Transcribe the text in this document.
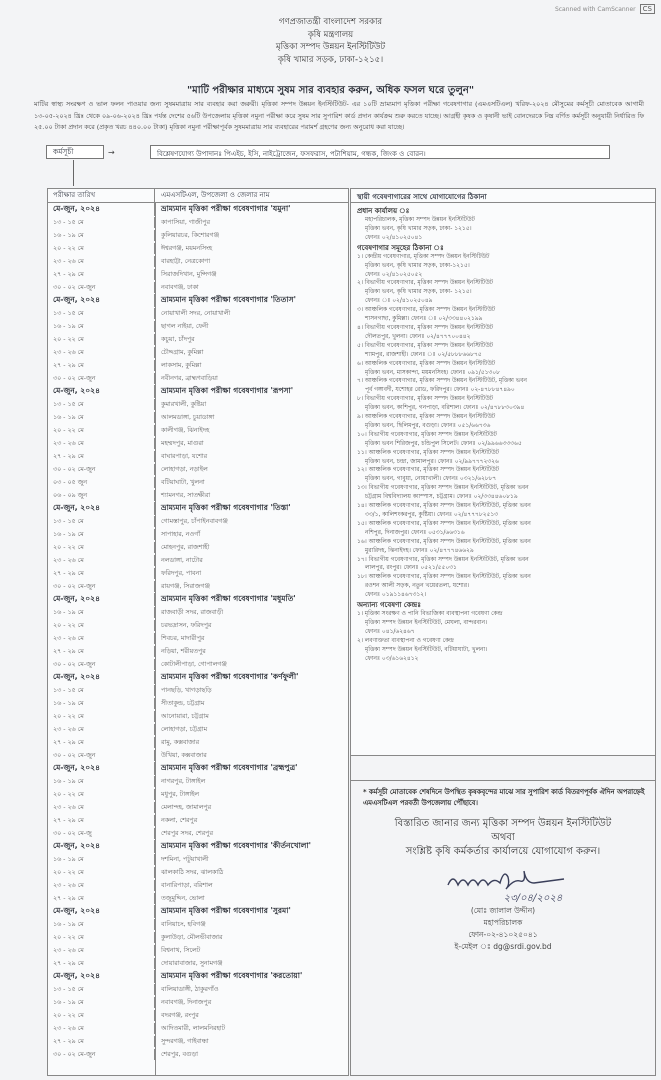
Scanned with CamScanner	CS
গণপ্রজাতন্ত্রী বাংলাদেশ সরকার
কৃষি মন্ত্রণালয়
মৃত্তিকা সম্পদ উন্নয়ন ইনস্টিটিউট
কৃষি খামার সড়ক, ঢাকা-১২১৫।
"মাটি পরীক্ষার মাধ্যমে সুষম সার ব্যবহার করুন, অধিক ফসল ঘরে তুলুন"
মাটির স্বাস্থ্য সংরক্ষণ ও ভাল ফলন পাওয়ার জন্য সুষমমাত্রায় সার ব্যবহার করা জরুরী। মৃত্তিকা সম্পদ উন্নয়ন ইনস্টিটিউট- এর ১০টি ভ্রাম্যমাণ মৃত্তিকা পরীক্ষা গবেষণাগার (এমএসটিএল) খরিফ-২০২৪ মৌসুমের কর্মসূচী মোতাবেক আগামী ১৩-০৫-২০২৪ খ্রিঃ থেকে ০৯-০৬-২০২৪ খ্রিঃ পর্যন্ত দেশের ৫৬টি উপজেলায় মৃত্তিকা নমুনা পরীক্ষা করে সুষম সার সুপারিশ কার্ড প্রদান কার্যক্রম শুরু করতে যাচ্ছে। আগ্রহী কৃষক ও কৃষানী ভাই বোনদেরকে নিম্ন বর্ণিত কর্মসূচী অনুযায়ী নির্ধারিত ফি ২৫.০০ টাকা প্রদান করে (প্রকৃত খরচ ৪৪০.০০ টাকা) মৃত্তিকা নমুনা পরীক্ষাপূর্বক সুষমমাত্রায় সার ব্যবহারের পরামর্শ গ্রহণের জন্য অনুরোধ করা যাচ্ছে।
কর্মসূচী	→	বিশ্লেষণযোগ্য উপাদানঃ পিএইচ, ইসি, নাইট্রোজেন, ফসফরাস, পটাশিয়াম, গন্ধক, জিংক ও বোরন।
পরীক্ষার তারিখ	এমএসটিএল, উপজেলা ও জেলার নাম
মে-জুন, ২০২৪	ভ্রাম্যমান মৃত্তিকা পরীক্ষা গবেষণাগার 'যমুনা'
১৩ - ১৫ মে	কাপাসিয়া, গাজীপুর
১৬ - ১৯ মে	কুলিয়ারচর, কিশোরগঞ্জ
২০ - ২২ মে	ঈশ্বরগঞ্জ, ময়মনসিংহ
২৩ - ২৬ মে	বারহাট্টা, নেত্রকোণা
২৭ - ২৯ মে	সিরাজদিখান, মুন্সিগঞ্জ
৩০ - ০২ মে-জুন	নবাবগঞ্জ, ঢাকা
মে-জুন, ২০২৪	ভ্রাম্যমান মৃত্তিকা পরীক্ষা গবেষণাগার 'তিতাস'
১৩ - ১৫ মে	নোয়াখালী সদর, নোয়াখালী
১৬ - ১৯ মে	ছাগল নাইয়া, ফেনী
২০ - ২২ মে	কচুয়া, চাঁদপুর
২৩ - ২৬ মে	চৌদ্দগ্রাম, কুমিল্লা
২৭ - ২৯ মে	লাকসাম, কুমিল্লা
৩০ - ০২ মে-জুন	নবীনগর, ব্রাহ্মণবাড়িয়া
মে-জুন, ২০২৪	ভ্রাম্যমান মৃত্তিকা পরীক্ষা গবেষণাগার 'রূপসা'
১৩ - ১৫ মে	কুমারখালী, কুষ্টিয়া
১৬ - ১৯ মে	আলমডাঙ্গা, চুয়াডাঙ্গা
২০ - ২২ মে	কালীগঞ্জ, ঝিনাইদহ
২৩ - ২৬ মে	মহম্মদপুর, মাগুরা
২৭ - ২৯ মে	বাঘারপাড়া, যশোর
৩০ - ০২ মে-জুন	লোহাগড়া, নড়াইল
০৩ - ০৫ জুন	বটিয়াঘাটা, খুলনা
০৬ - ০৯ জুন	শ্যামনগর, সাতক্ষীরা
মে-জুন, ২০২৪	ভ্রাম্যমান মৃত্তিকা পরীক্ষা গবেষণাগার 'তিস্তা'
১৩ - ১৫ মে	গোমস্তাপুর, চাঁপাইনবাবগঞ্জ
১৬ - ১৯ মে	সাপাহার, নওগাঁ
২০ - ২২ মে	মোহনপুর, রাজশাহী
২৩ - ২৬ মে	নলডাঙ্গা, নাটোর
২৭ - ২৯ মে	ফরিদপুর, পাবনা
৩০ - ০২ মে-জুন	রায়গঞ্জ, সিরাজগঞ্জ
মে-জুন, ২০২৪	ভ্রাম্যমান মৃত্তিকা পরীক্ষা গবেষণাগার 'মধুমতি'
১৬ - ১৯ মে	রাজবাড়ী সদর, রাজবাড়ী
২০ - ২২ মে	চরভদ্রাসন, ফরিদপুর
২৩ - ২৬ মে	শিবচর, মাদারীপুর
২৭ - ২৯ মে	নড়িয়া, শরীয়তপুর
৩০ - ০২ মে-জুন	কোটালীপাড়া, গোপালগঞ্জ
মে-জুন, ২০২৪	ভ্রাম্যমান মৃত্তিকা পরীক্ষা গবেষণাগার 'কর্ণফুলী'
১৩ - ১৫ মে	পানছড়ি, খাগড়াছড়ি
১৬ - ১৯ মে	সীতাকুন্ড, চট্টগ্রাম
২০ - ২২ মে	আনোয়ারা, চট্টগ্রাম
২৩ - ২৬ মে	লোহাগড়া, চট্টগ্রাম
২৭ - ২৯ মে	রামু, কক্সবাজার
৩০ - ০২ মে-জুন	উখিয়া, কক্সবাজার
মে-জুন, ২০২৪	ভ্রাম্যমান মৃত্তিকা পরীক্ষা গবেষণাগার 'ব্রহ্মপুত্র'
১৬ - ১৯ মে	নাগরপুর, টাঙ্গাইল
২০ - ২২ মে	মধুপুর, টাঙ্গাইল
২৩ - ২৬ মে	মেলান্দহ, জামালপুর
২৭ - ২৯ মে	নকলা, শেরপুর
৩০ - ০২ মে-জু	শেরপুর সদর, শেরপুর
মে-জুন, ২০২৪	ভ্রাম্যমান মৃত্তিকা পরীক্ষা গবেষণাগার 'কীর্তনখোলা'
১৬ - ১৯ মে	দশমিনা, পটুয়াখালী
২০ - ২২ মে	ঝালকাঠি সদর, ঝালকাঠি
২৩ - ২৬ মে	বানারিপাড়া, বরিশাল
২৭ - ২৯ মে	তজুমুদ্দিন, ভোলা
মে-জুন, ২০২৪	ভ্রাম্যমান মৃত্তিকা পরীক্ষা গবেষণাগার 'সুরমা'
১৬ - ১৯ মে	বানিয়াচং, হবিগঞ্জ
২০ - ২২ মে	কুলাউড়া, মৌলভীবাজার
২৩ - ২৬ মে	বিশ্বনাথ, সিলেট
২৭ - ২৯ মে	দোয়ারাবাজার, সুনামগঞ্জ
মে-জুন, ২০২৪	ভ্রাম্যমান মৃত্তিকা পরীক্ষা গবেষণাগার 'করতোয়া'
১৩ - ১৫ মে	বালিয়াডাঙ্গী, ঠাকুরগাঁও
১৬ - ১৯ মে	নবাবগঞ্জ, দিনাজপুর
২০ - ২২ মে	বদরগঞ্জ, রংপুর
২৩ - ২৬ মে	আদিতমারী, লালমনিরহাট
২৭ - ২৯ মে	সুন্দরগঞ্জ, গাইবান্ধা
৩০ - ০২ মে-জুন	শেরপুর, বগুড়া
স্থায়ী গবেষণাগারের সাথে যোগাযোগের ঠিকানা
প্রধান কার্যালয় ঃ
মহাপরিচালক, মৃত্তিকা সম্পদ উন্নয়ন ইনস্টিটিউট
মৃত্তিকা ভবন, কৃষি খামার সড়ক, ঢাকা- ১২১৫।
ফোনঃ ০২/৪১০২৫০৪১
গবেষণাগার সমূহের ঠিকানা ঃ
১। কেন্দ্রীয় গবেষণাগার, মৃত্তিকা সম্পদ উন্নয়ন ইনস্টিটিউট
মৃত্তিকা ভবন, কৃষি খামার সড়ক, ঢাকা-১২১৫।
ফোনঃ ০২/৪১০২৫০৫২
২। বিভাগীয় গবেষণাগার, মৃত্তিকা সম্পদ উন্নয়ন ইনস্টিটিউট
মৃত্তিকা ভবন, কৃষি খামার সড়ক, ঢাকা- ১২১৫।
ফোনঃ ঃ ০২/৪১০২৫০৪৯
৩। আঞ্চলিক গবেষণাগার, মৃত্তিকা সম্পদ উন্নয়ন ইনস্টিটিউট
শাসনগাছা, কুমিল্লা। ফোনঃ ঃ ০২/৩৩৪৪০২১৯৯
৪। বিভাগীয় গবেষণাগার, মৃত্তিকা সম্পদ উন্নয়ন ইনস্টিটিউট
দৌলতপুর, খুলনা। ফোনঃ ০২/৪৭৭৭০০৪৪২
৫। বিভাগীয় গবেষণাগার, মৃত্তিকা সম্পদ উন্নয়ন ইনস্টিটিউট
শ্যামপুর, রাজশাহী। ফোনঃ ঃ ০২/৫৮৮৮৬৬৮৭৫
৬। আঞ্চলিক গবেষণাগার, মৃত্তিকা সম্পদ উন্নয়ন ইনস্টিটিউট
মৃত্তিকা ভবন, মাসকান্দা, ময়মনসিংহ। ফোনঃ ০৯১/৫১৩০৮
৭। আঞ্চলিক গবেষণাগার, মৃত্তিকা সম্পদ উন্নয়ন ইনস্টিটিউট, মৃত্তিকা ভবন
পূর্ব গঙ্গাবর্দী, যশোহর রোড, ফরিদপুর। ফোনঃ ০২-৪৭৮৮৪৭৪৯০
৮। বিভাগীয় গবেষণাগার, মৃত্তিকা সম্পদ উন্নয়ন ইনস্টিটিউট
মৃত্তিকা ভবন, কাশিপুর, গনপাড়া, বরিশাল। ফোনঃ ০২/৪৭৮৮৩০৩৯৪
৯। আঞ্চলিক গবেষণাগার, মৃত্তিকা সম্পদ উন্নয়ন ইনস্টিটিউট
মৃত্তিকা ভবন, ছিলিমপুর, বগুড়া। ফোনঃ ০৫১/৬৬৭৩৬
১০। বিভাগীয় গবেষণাগার, মৃত্তিকা সম্পদ উন্নয়ন ইনস্টিটিউট
মৃত্তিকা ভবন শিরিজপুর, চন্ডিপুল সিলেট। ফোনঃ ০২/৯৯৬৬৩৩৩৬৫
১১। আঞ্চলিক গবেষণাগার, মৃত্তিকা সম্পদ উন্নয়ন ইনস্টিটিউট
মৃত্তিকা ভবন, চন্দ্রা, জামালপুর। ফোনঃ ০২/৯৯৭৭৭২৩২৬
১২। আঞ্চলিক গবেষণাগার, মৃত্তিকা সম্পদ উন্নয়ন ইনস্টিটিউট
মৃত্তিকা ভবন, গাবুয়া, নোয়াখালী। ফোনঃ ০৩২১/৬২৮৮৭
১৩। বিভাগীয় গবেষণাগার, মৃত্তিকা সম্পদ উন্নয়ন ইনস্টিটিউট, মৃত্তিকা ভবন
চট্টগ্রাম বিশ্ববিদ্যালয় ক্যাম্পাস, চট্টগ্রাম। ফোনঃ ০২/৩৩৪৪৬০৮১৯
১৪। আঞ্চলিক গবেষণাগার, মৃত্তিকা সম্পদ উন্নয়ন ইনস্টিটিউট, মৃত্তিকা ভবন
৩৩/১, কালিশংকরপুর, কুষ্টিয়া। ফোনঃ ০২/৪৭৭৭৮২৫১৩
১৫। আঞ্চলিক গবেষণাগার, মৃত্তিকা সম্পদ উন্নয়ন ইনস্টিটিউট, মৃত্তিকা ভবন
নশিপুর, দিনাজপুর। ফোনঃ ০৫৩১/৬৬৩১৬
১৬। আঞ্চলিক গবেষণাগার, মৃত্তিকা সম্পদ উন্নয়ন ইনস্টিটিউট, মৃত্তিকা ভবন
মুরারিদহ, ঝিনাইদহ। ফোনঃ ০২/৪৭৭৭৪৬৬২৯
১৭। বিভাগীয় গবেষণাগার, মৃত্তিকা সম্পদ উন্নয়ন ইনস্টিটিউট, মৃত্তিকা ভবন
লালপুর, রংপুর। ফোনঃ ০৫২১/৫৫০৩১
১৮। আঞ্চলিক গবেষণাগার, মৃত্তিকা সম্পদ উন্নয়ন ইনস্টিটিউট, মৃত্তিকা ভবন
রওশন আলী সড়ক, নতুন খয়েরতলা, যশোর।
ফোনঃ ০১৯১১৪৬৭৩১২।
অন্যান্য গবেষণা কেন্দ্রঃ
১। মৃত্তিকা সংরক্ষণ ও পানি বিভাজিকা ব্যবস্থাপনা গবেষণা কেন্দ্র
মৃত্তিকা সম্পদ উন্নয়ন ইনস্টিটিউট, মেঘলা, বান্দরবান।
ফোনঃ ০৪১/৬২৪৬৭
২। লবণাক্ততা ব্যবস্থাপনা ও গবেষণা কেন্দ্র
মৃত্তিকা সম্পদ উন্নয়ন ইনস্টিটিউট, বটিয়াঘাটা, খুলনা।
ফোনঃ ০৩/৬১৬২৪১২
* কর্মসূচী মোতাবেক শেষদিনে উপস্থিত কৃষকবৃন্দের মাঝে সার সুপারিশ কার্ড বিতরণপূর্বক ঐদিন অপরাহ্নেই এমএসটিএল পরবর্তী উপজেলায় পৌঁছাবে।
বিস্তারিত জানার জন্য মৃত্তিকা সম্পদ উন্নয়ন ইনস্টিটিউট
অথবা
সংশ্লিষ্ট কৃষি কর্মকর্তার কার্যালয়ে যোগাযোগ করুন।
২৩/০৪/২০২৪
(মোঃ জালাল উদ্দীন)
মহাপরিচালক
ফোন-০২-৪১০২৫০৪১
ই-মেইল ঃ dg@srdi.gov.bd
